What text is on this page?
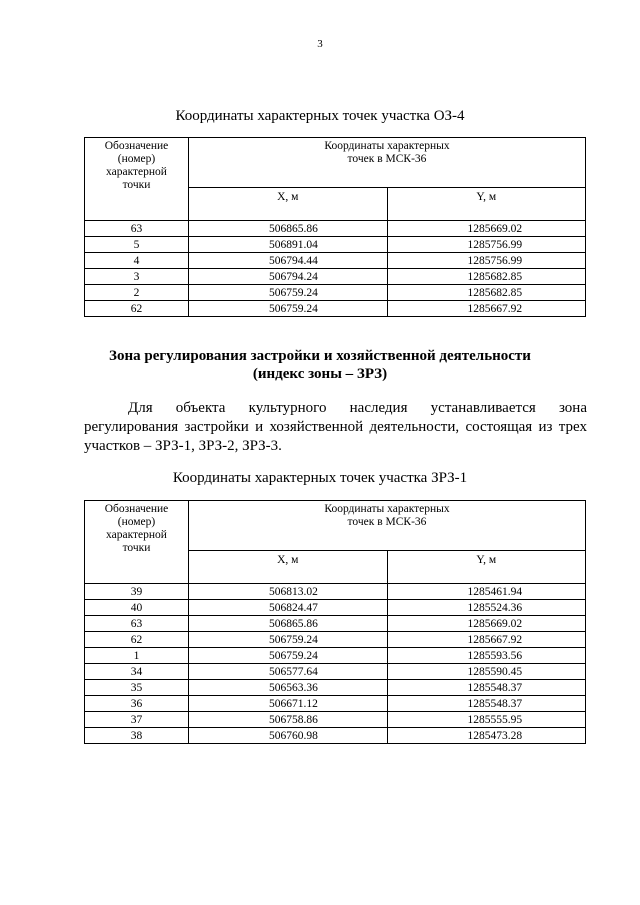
3
Координаты характерных точек участка ОЗ-4
Обозначение
(номер)
характерной
точки	Координаты характерных
точек в МСК-36	
	X, м	Y, м
63	506865.86	1285669.02
5	506891.04	1285756.99
4	506794.44	1285756.99
3	506794.24	1285682.85
2	506759.24	1285682.85
62	506759.24	1285667.92
Зона регулирования застройки и хозяйственной деятельности
(индекс зоны – ЗРЗ)
Для объекта культурного наследия устанавливается зона регулирования застройки и хозяйственной деятельности, состоящая из трех участков – ЗРЗ-1, ЗРЗ-2, ЗРЗ-3.
Координаты характерных точек участка ЗРЗ-1
Обозначение
(номер)
характерной
точки	Координаты характерных
точек в МСК-36	
	X, м	Y, м
39	506813.02	1285461.94
40	506824.47	1285524.36
63	506865.86	1285669.02
62	506759.24	1285667.92
1	506759.24	1285593.56
34	506577.64	1285590.45
35	506563.36	1285548.37
36	506671.12	1285548.37
37	506758.86	1285555.95
38	506760.98	1285473.28
